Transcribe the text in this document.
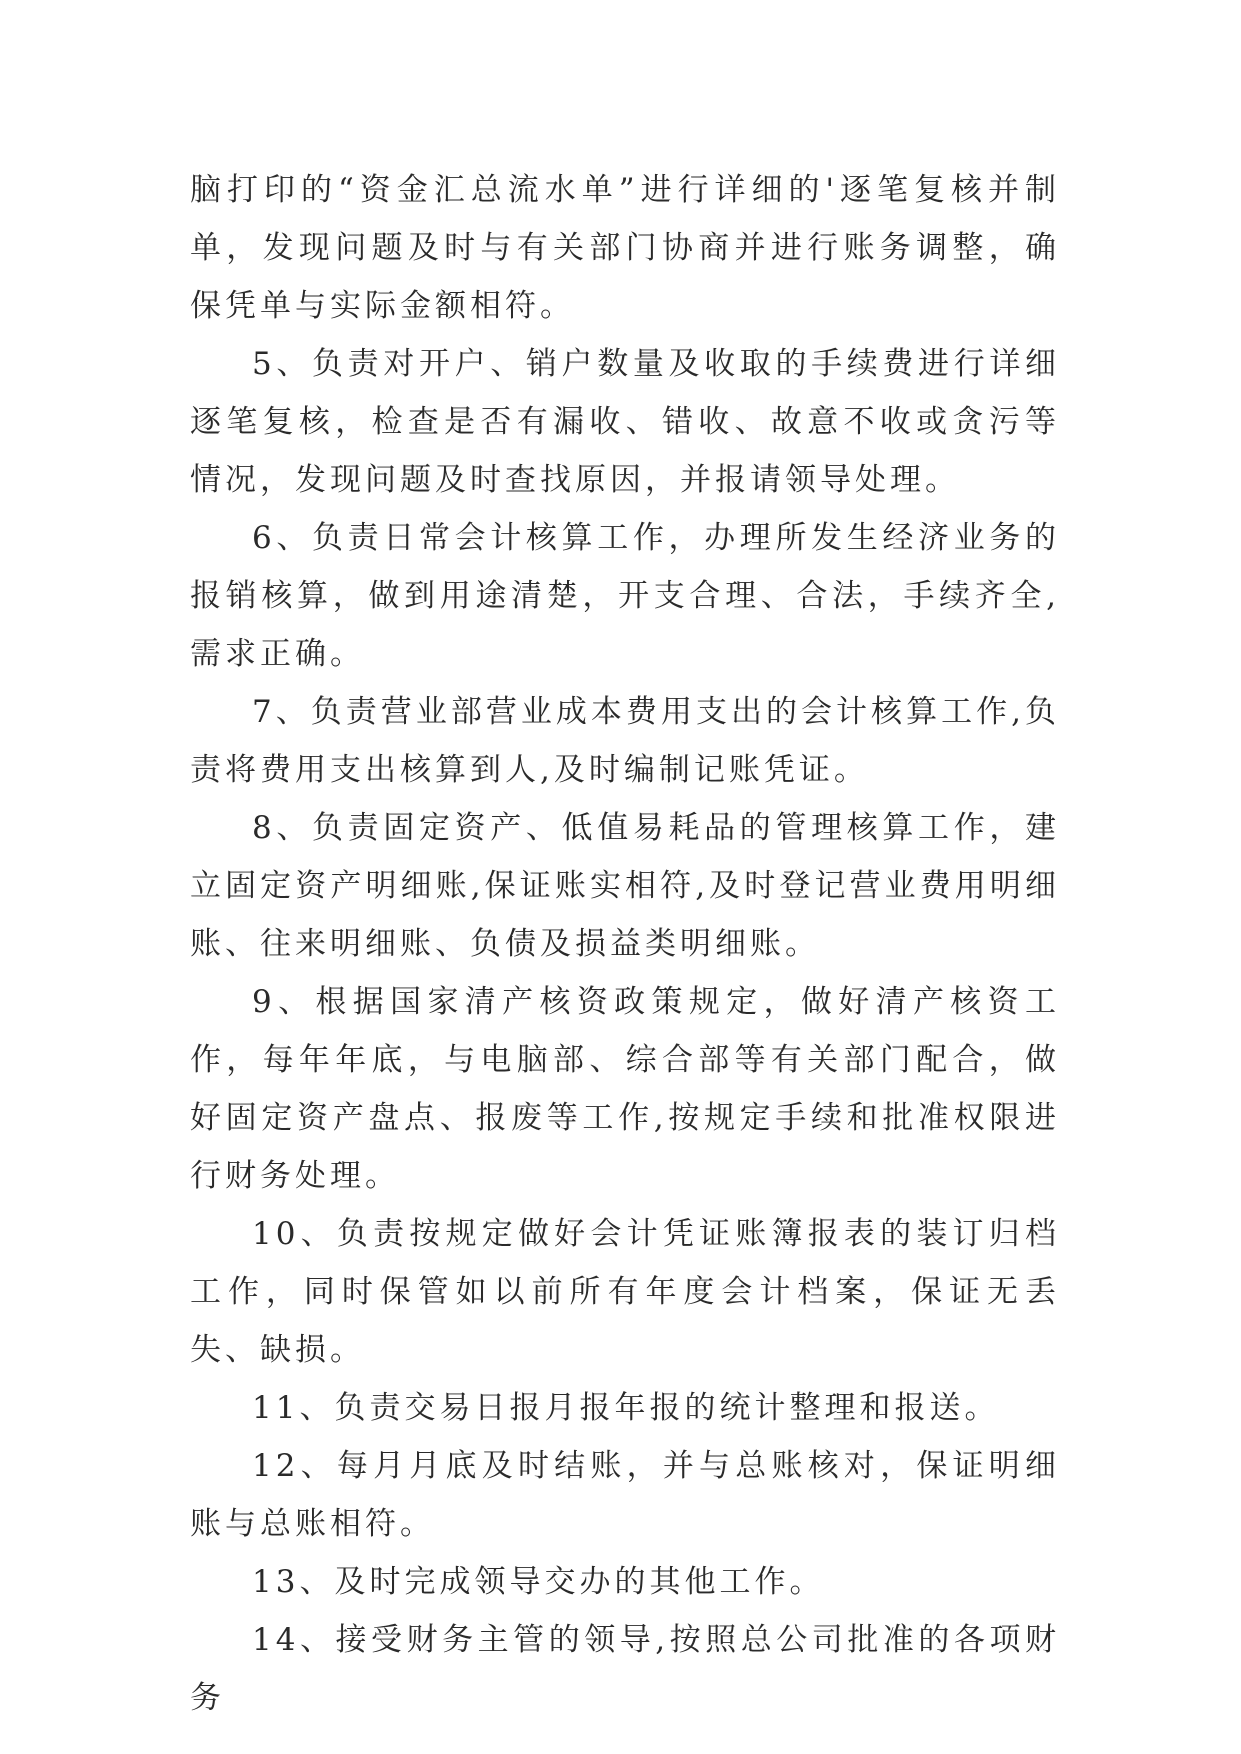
脑打印的“资金汇总流水单”进行详细的'逐笔复核并制单，发现问题及时与有关部门协商并进行账务调整，确保凭单与实际金额相符。

5、负责对开户、销户数量及收取的手续费进行详细逐笔复核，检查是否有漏收、错收、故意不收或贪污等情况，发现问题及时查找原因，并报请领导处理。

6、负责日常会计核算工作，办理所发生经济业务的报销核算，做到用途清楚，开支合理、合法，手续齐全,需求正确。

7、负责营业部营业成本费用支出的会计核算工作,负责将费用支出核算到人,及时编制记账凭证。

8、负责固定资产、低值易耗品的管理核算工作，建立固定资产明细账,保证账实相符,及时登记营业费用明细账、往来明细账、负债及损益类明细账。

9、根据国家清产核资政策规定，做好清产核资工作，每年年底，与电脑部、综合部等有关部门配合，做好固定资产盘点、报废等工作,按规定手续和批准权限进行财务处理。

10、负责按规定做好会计凭证账簿报表的装订归档工作，同时保管如以前所有年度会计档案，保证无丢失、缺损。

11、负责交易日报月报年报的统计整理和报送。

12、每月月底及时结账，并与总账核对，保证明细账与总账相符。

13、及时完成领导交办的其他工作。

14、接受财务主管的领导,按照总公司批准的各项财务
